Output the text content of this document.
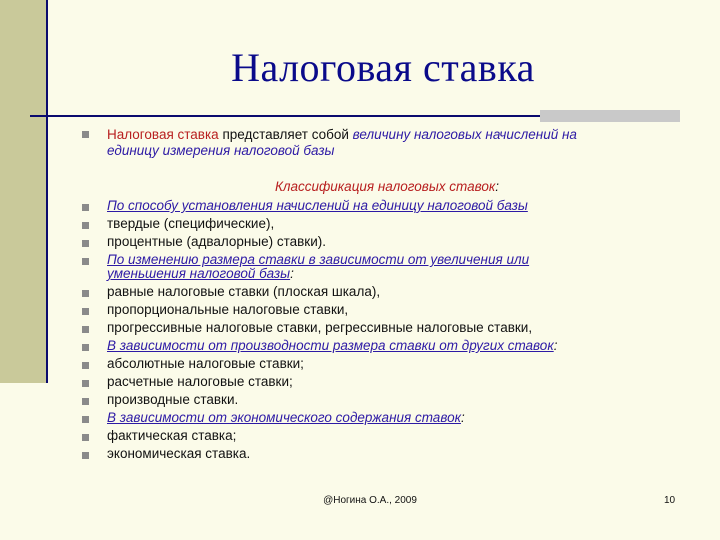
Налоговая ставка
Налоговая ставка представляет собой величину налоговых начислений на
единицу измерения налоговой базы
Классификация налоговых ставок:
По способу установления начислений на единицу налоговой базы
твердые (специфические),
процентные (адвалорные) ставки).
По изменению размера ставки в зависимости от увеличения или
уменьшения налоговой базы:
равные налоговые ставки (плоская шкала),
пропорциональные налоговые ставки,
прогрессивные налоговые ставки, регрессивные налоговые ставки,
В зависимости от производности размера ставки от других ставок:
абсолютные налоговые ставки;
расчетные налоговые ставки;
производные ставки.
В зависимости от экономического содержания ставок:
фактическая ставка;
экономическая ставка.
@Ногина О.А., 2009	10
